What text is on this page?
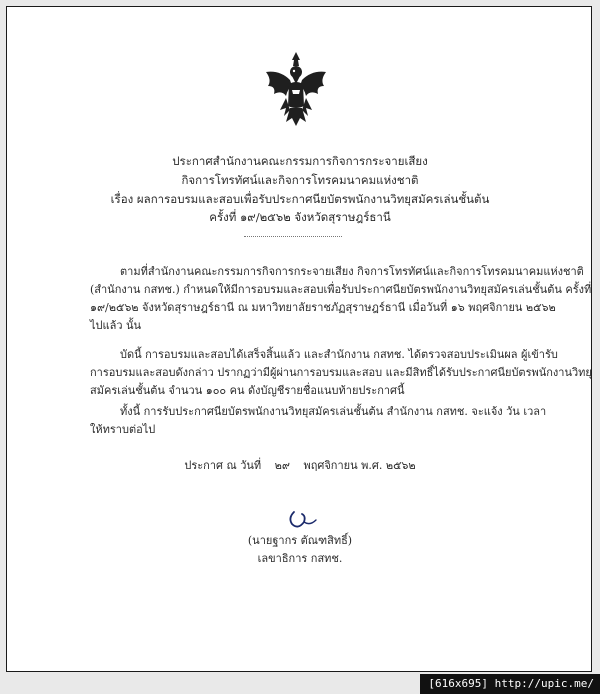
ประกาศสำนักงานคณะกรรมการกิจการกระจายเสียง
กิจการโทรทัศน์และกิจการโทรคมนาคมแห่งชาติ
เรื่อง ผลการอบรมและสอบเพื่อรับประกาศนียบัตรพนักงานวิทยุสมัครเล่นชั้นต้น
ครั้งที่ ๑๙/๒๕๖๒ จังหวัดสุราษฎร์ธานี
ตามที่สำนักงานคณะกรรมการกิจการกระจายเสียง กิจการโทรทัศน์และกิจการโทรคมนาคมแห่งชาติ
(สำนักงาน กสทช.) กำหนดให้มีการอบรมและสอบเพื่อรับประกาศนียบัตรพนักงานวิทยุสมัครเล่นชั้นต้น ครั้งที่
๑๙/๒๕๖๒ จังหวัดสุราษฎร์ธานี ณ มหาวิทยาลัยราชภัฏสุราษฎร์ธานี เมื่อวันที่ ๑๖ พฤศจิกายน ๒๕๖๒
ไปแล้ว นั้น
บัดนี้ การอบรมและสอบได้เสร็จสิ้นแล้ว และสำนักงาน กสทช. ได้ตรวจสอบประเมินผล ผู้เข้ารับ
การอบรมและสอบดังกล่าว ปรากฏว่ามีผู้ผ่านการอบรมและสอบ และมีสิทธิ์ได้รับประกาศนียบัตรพนักงานวิทยุ
สมัครเล่นชั้นต้น จำนวน ๑๐๐ คน ดังบัญชีรายชื่อแนบท้ายประกาศนี้
ทั้งนี้ การรับประกาศนียบัตรพนักงานวิทยุสมัครเล่นชั้นต้น สำนักงาน กสทช. จะแจ้ง วัน เวลา
ให้ทราบต่อไป
ประกาศ ณ วันที่ ๒๙ พฤศจิกายน พ.ศ. ๒๕๖๒
(นายฐากร ตัณฑสิทธิ์)
เลขาธิการ กสทช.
[616x695] http://upic.me/
